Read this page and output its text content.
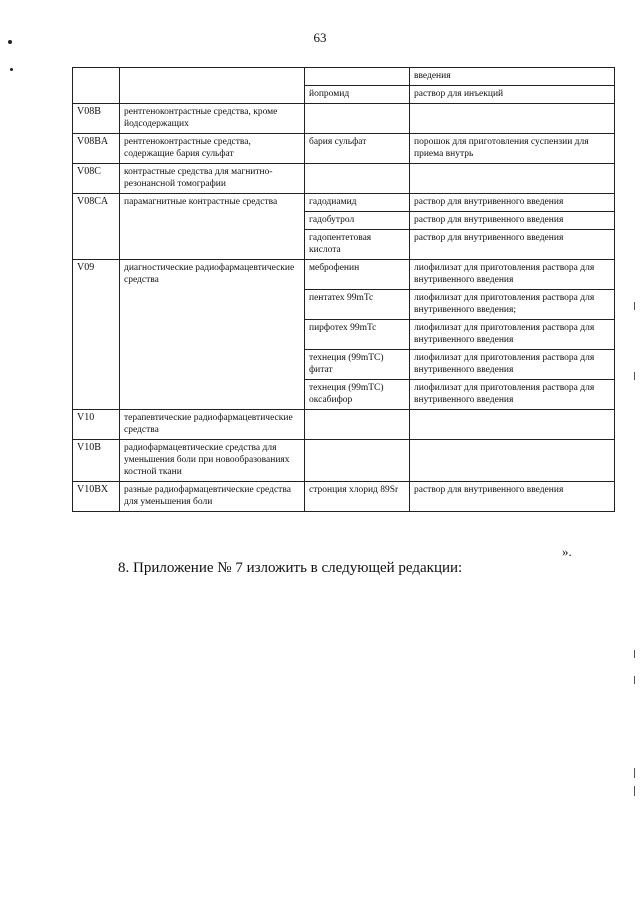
63
			введения
		йопромид	раствор для инъекций
V08B	рентгеноконтрастные средства, кроме йодсодержащих		
V08BA	рентгеноконтрастные средства, содержащие бария сульфат	бария сульфат	порошок для приготовления суспензии для приема внутрь
V08C	контрастные средства для магнитно-резонансной томографии		
V08CA	парамагнитные контрастные средства	гадодиамид	раствор для внутривенного введения
		гадобутрол	раствор для внутривенного введения
		гадопентетовая кислота	раствор для внутривенного введения
V09	диагностические радиофармацевтические средства	меброфенин	лиофилизат для приготовления раствора для внутривенного введения
		пентатех 99mTc	лиофилизат для приготовления раствора для внутривенного введения;
		пирфотех 99mTc	лиофилизат для приготовления раствора для внутривенного введения
		технеция (99mTC) фитат	лиофилизат для приготовления раствора для внутривенного введения
		технеция (99mTC) оксабифор	лиофилизат для приготовления раствора для внутривенного введения
V10	терапевтические радиофармацевтические средства		
V10B	радиофармацевтические средства для уменьшения боли при новообразованиях костной ткани		
V10BX	разные радиофармацевтические средства для уменьшения боли	стронция хлорид 89Sr	раствор для внутривенного введения
».
8. Приложение № 7 изложить в следующей редакции:
